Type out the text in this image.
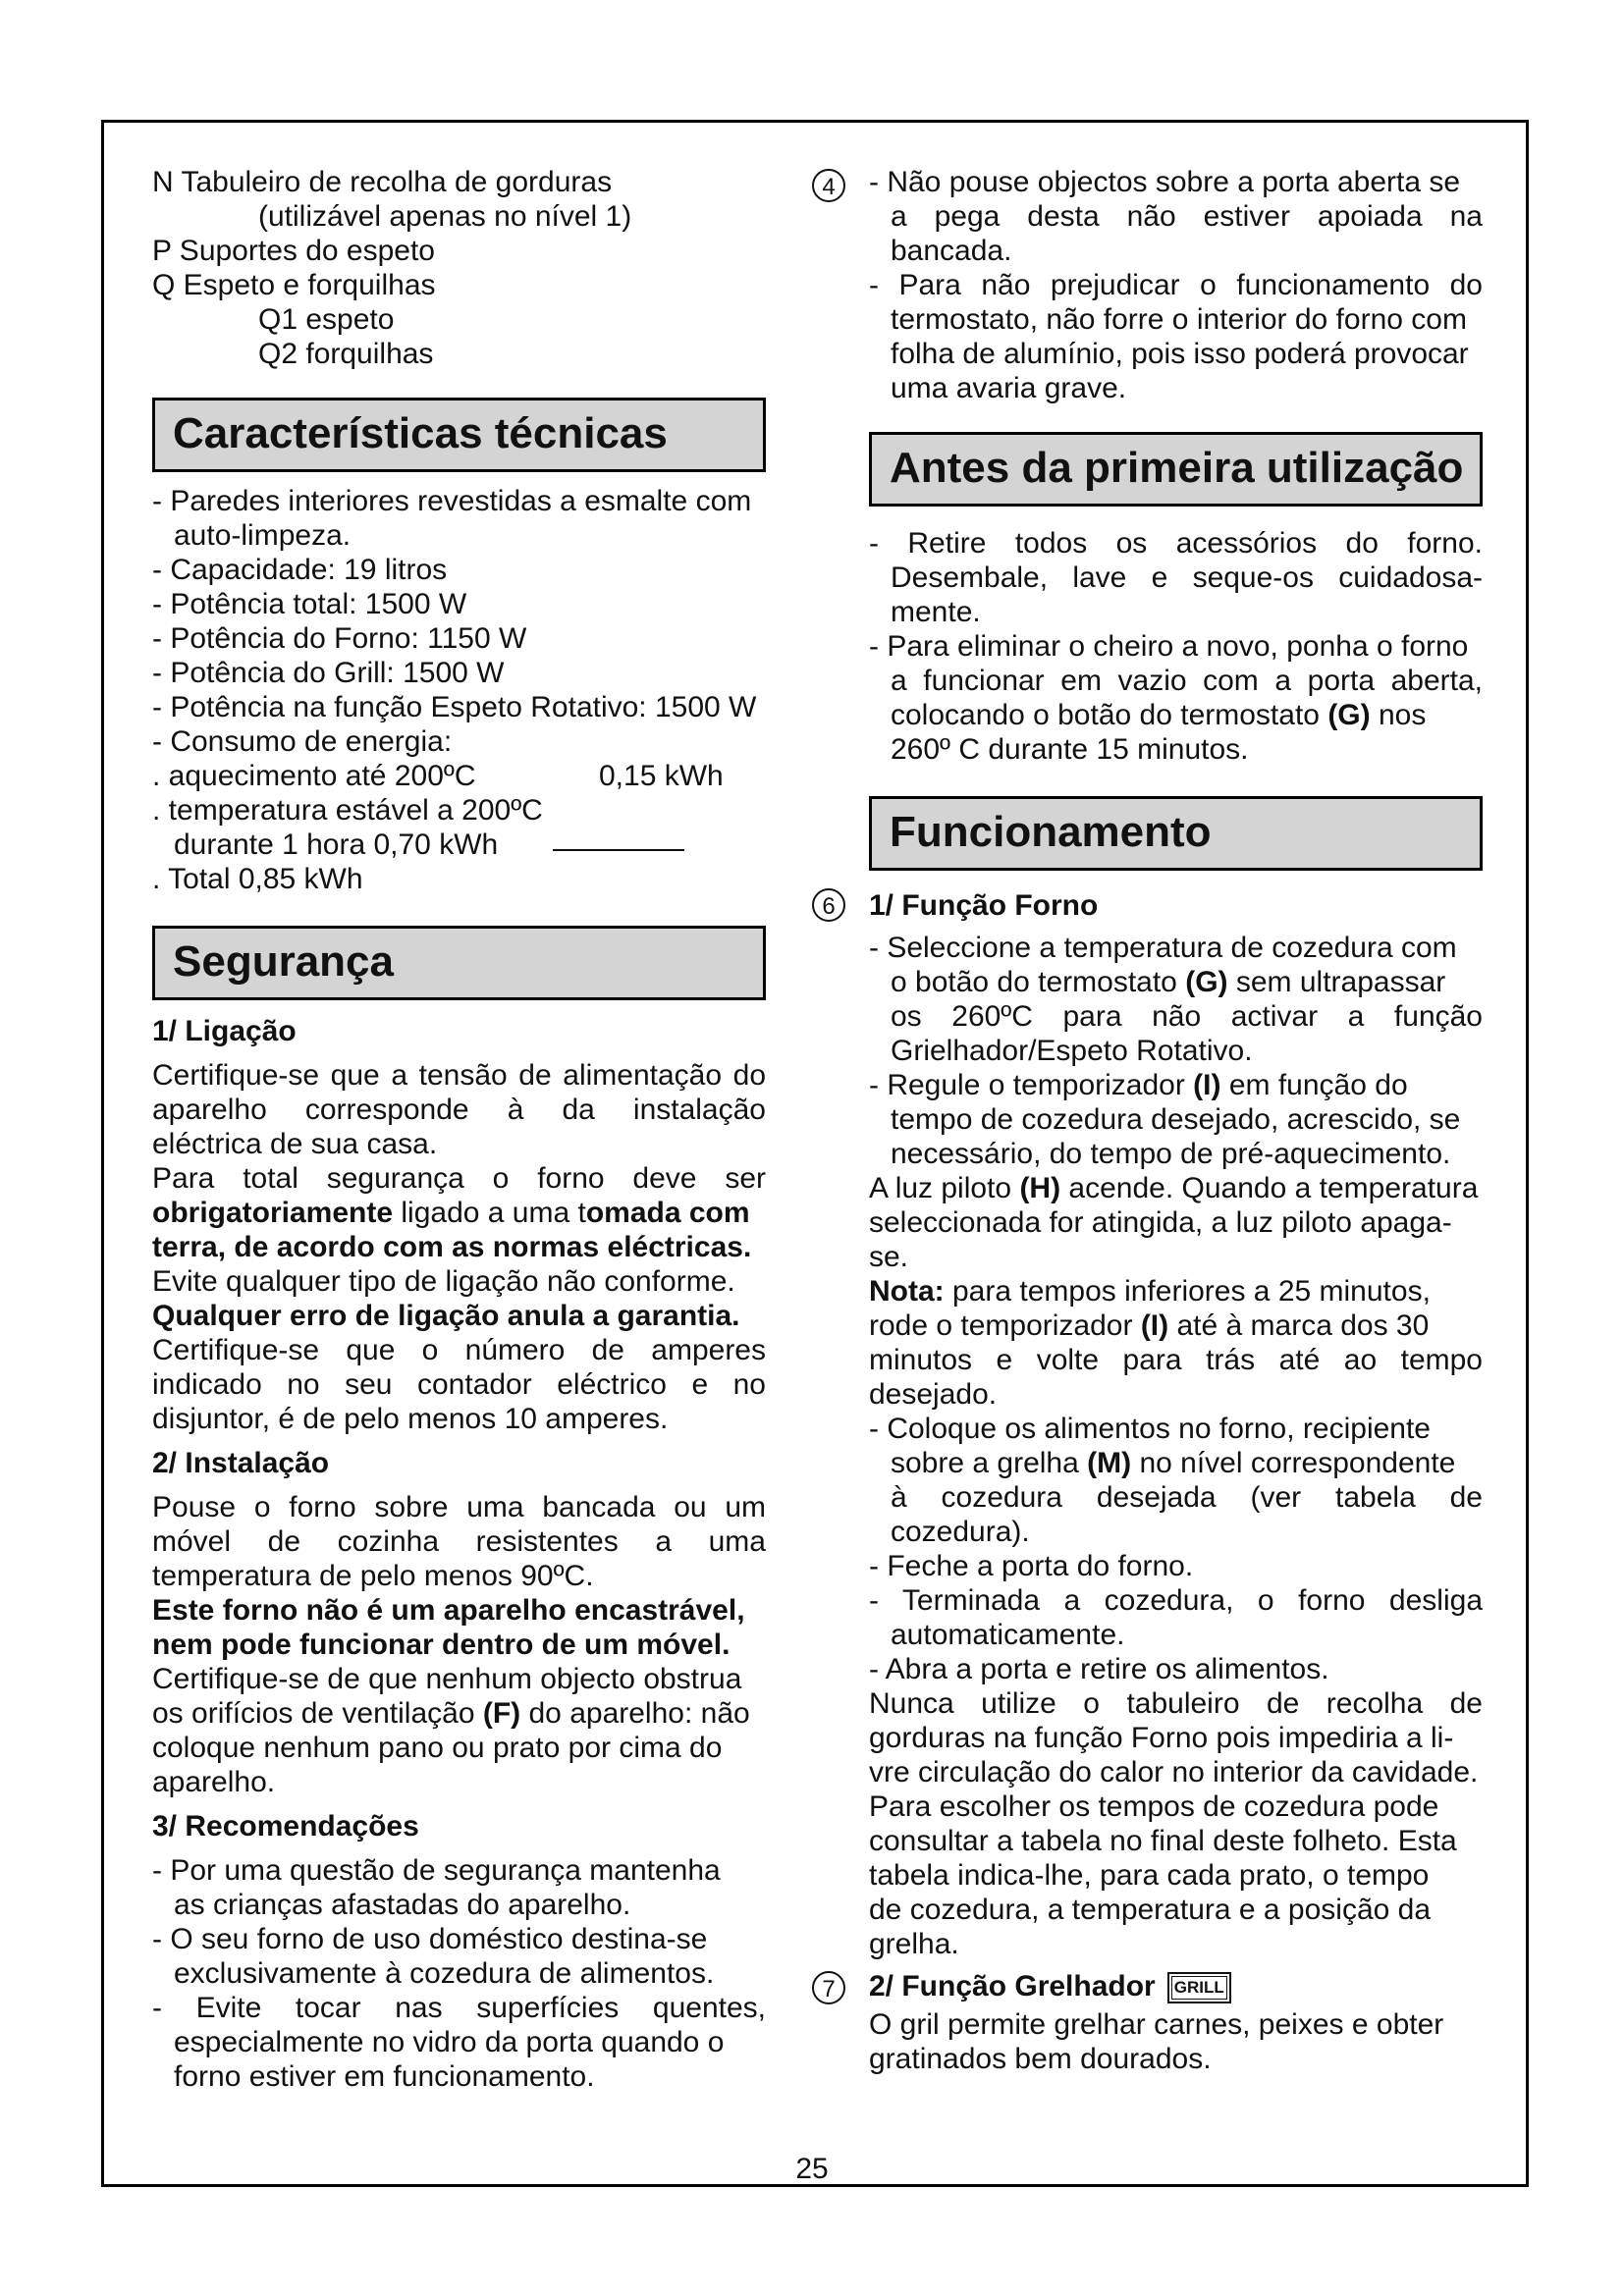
N Tabuleiro de recolha de gorduras
(utilizável apenas no nível 1)
P Suportes do espeto
Q Espeto e forquilhas
Q1 espeto
Q2 forquilhas
Características técnicas
- Paredes interiores revestidas a esmalte com
auto-limpeza.
- Capacidade: 19 litros
- Potência total: 1500 W
- Potência do Forno: 1150 W
- Potência do Grill: 1500 W
- Potência na função Espeto Rotativo: 1500 W
- Consumo de energia:
. aquecimento até 200ºC	0,15 kWh
. temperatura estável a 200ºC
durante 1 hora 0,70 kWh
. Total 0,85 kWh
Segurança
1/ Ligação
Certifique-se que a tensão de alimentação do
aparelho corresponde à da instalação
eléctrica de sua casa.
Para total segurança o forno deve ser
obrigatoriamente ligado a uma tomada com
terra, de acordo com as normas eléctricas.
Evite qualquer tipo de ligação não conforme.
Qualquer erro de ligação anula a garantia.
Certifique-se que o número de amperes
indicado no seu contador eléctrico e no
disjuntor, é de pelo menos 10 amperes.
2/ Instalação
Pouse o forno sobre uma bancada ou um
móvel de cozinha resistentes a uma
temperatura de pelo menos 90ºC.
Este forno não é um aparelho encastrável,
nem pode funcionar dentro de um móvel.
Certifique-se de que nenhum objecto obstrua
os orifícios de ventilação (F) do aparelho: não
coloque nenhum pano ou prato por cima do
aparelho.
3/ Recomendações
- Por uma questão de segurança mantenha
as crianças afastadas do aparelho.
- O seu forno de uso doméstico destina-se
exclusivamente à cozedura de alimentos.
- Evite tocar nas superfícies quentes,
especialmente no vidro da porta quando o
forno estiver em funcionamento.
4	- Não pouse objectos sobre a porta aberta se
a pega desta não estiver apoiada na
bancada.
- Para não prejudicar o funcionamento do
termostato, não forre o interior do forno com
folha de alumínio, pois isso poderá provocar
uma avaria grave.
Antes da primeira utilização
- Retire todos os acessórios do forno.
Desembale, lave e seque-os cuidadosa-
mente.
- Para eliminar o cheiro a novo, ponha o forno
a funcionar em vazio com a porta aberta,
colocando o botão do termostato (G) nos
260º C durante 15 minutos.
Funcionamento
6	1/ Função Forno
- Seleccione a temperatura de cozedura com
o botão do termostato (G) sem ultrapassar
os 260ºC para não activar a função
Grielhador/Espeto Rotativo.
- Regule o temporizador (I) em função do
tempo de cozedura desejado, acrescido, se
necessário, do tempo de pré-aquecimento.
A luz piloto (H) acende. Quando a temperatura
seleccionada for atingida, a luz piloto apaga-
se.
Nota: para tempos inferiores a 25 minutos,
rode o temporizador (I) até à marca dos 30
minutos e volte para trás até ao tempo
desejado.
- Coloque os alimentos no forno, recipiente
sobre a grelha (M) no nível correspondente
à cozedura desejada (ver tabela de
cozedura).
- Feche a porta do forno.
- Terminada a cozedura, o forno desliga
automaticamente.
- Abra a porta e retire os alimentos.
Nunca utilize o tabuleiro de recolha de
gorduras na função Forno pois impediria a li-
vre circulação do calor no interior da cavidade.
Para escolher os tempos de cozedura pode
consultar a tabela no final deste folheto. Esta
tabela indica-lhe, para cada prato, o tempo
de cozedura, a temperatura e a posição da
grelha.
7	2/ Função Grelhador GRILL
O gril permite grelhar carnes, peixes e obter
gratinados bem dourados.
25
